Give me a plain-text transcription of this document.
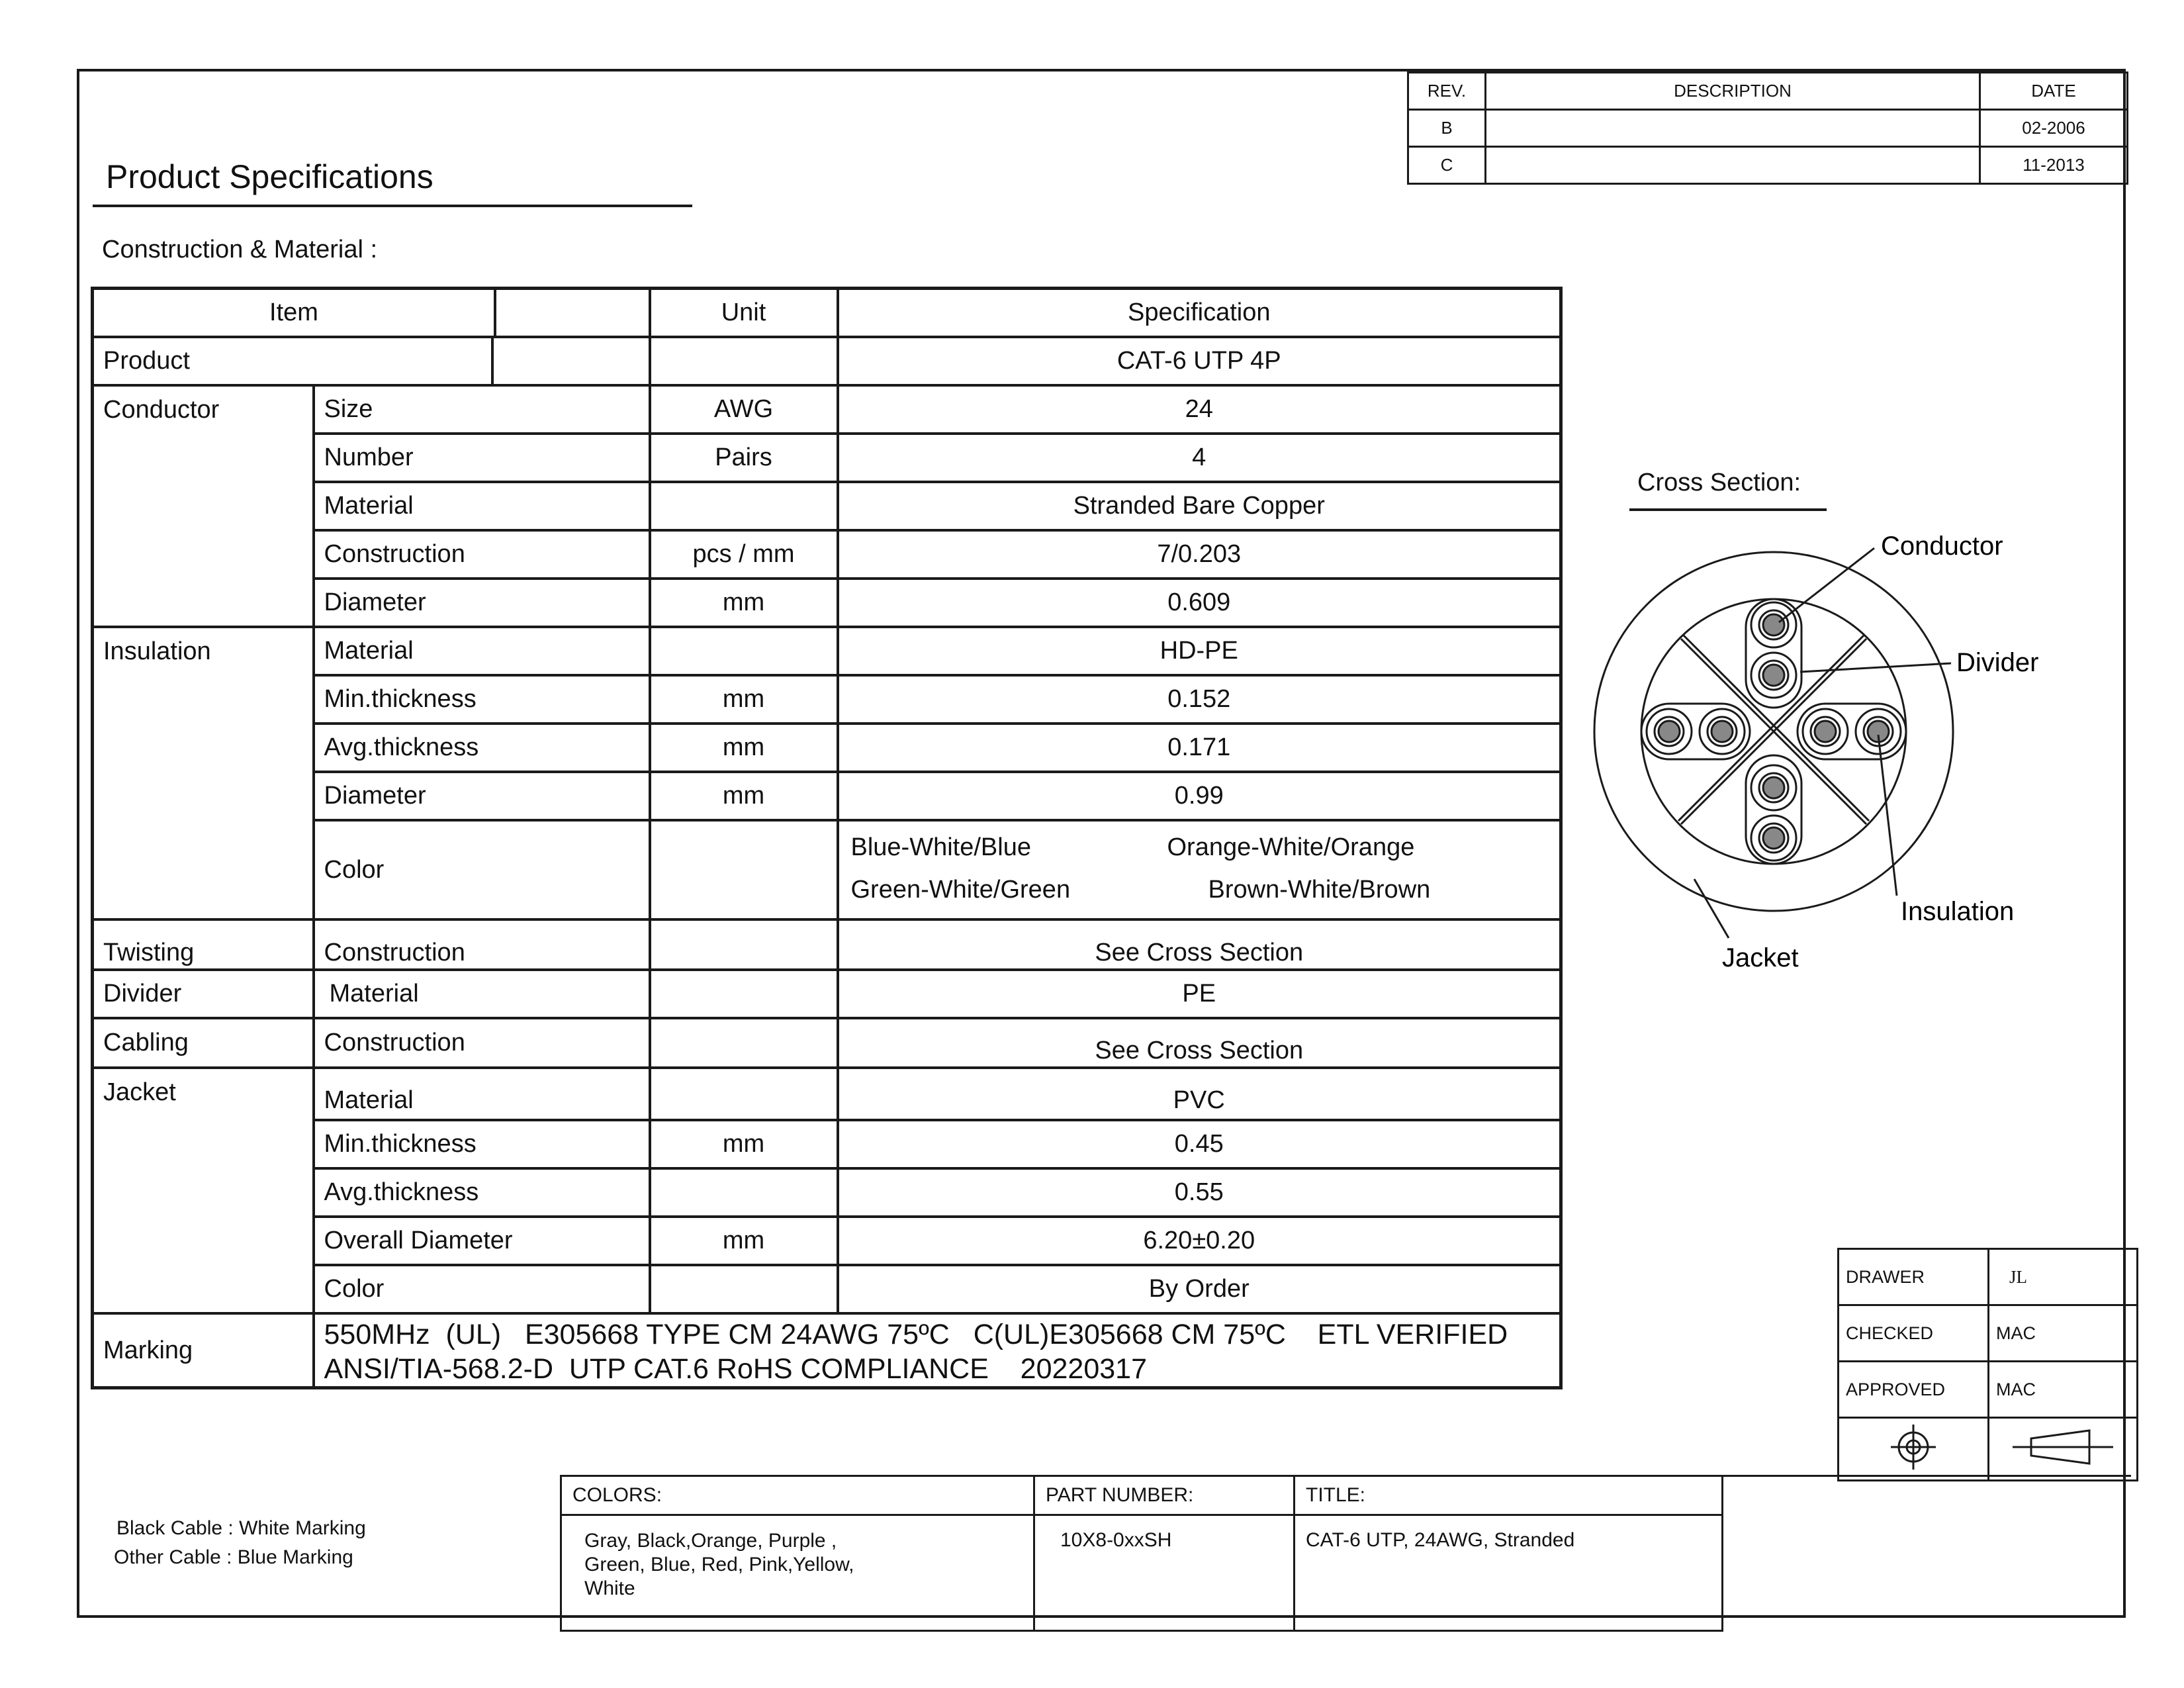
Product Specifications
Construction & Material :
REV.	DESCRIPTION	DATE
B		02-2006
C		11-2013
Item		Unit	Specification

Product			CAT-6 UTP 4P
Conductor	Size	AWG	24
	Number	Pairs	4
	Material		Stranded Bare Copper
	Construction	pcs / mm	7/0.203
	Diameter	mm	0.609
Insulation	Material		HD-PE
	Min.thickness	mm	0.152
	Avg.thickness	mm	0.171
	Diameter	mm	0.99
	Color		Blue-White/Blue Orange-White/Orange
Green-White/Green Brown-White/Brown

Twisting	Construction		See Cross Section
Divider	Material		PE
Cabling	Construction		See Cross Section
Jacket	Material		PVC
	Min.thickness	mm	0.45
	Avg.thickness		0.55
	Overall Diameter	mm	6.20±0.20
	Color		By Order
Marking	550MHz  (UL)   E305668 TYPE CM 24AWG 75ºC   C(UL)E305668 CM 75ºC    ETL VERIFIED
ANSI/TIA-568.2-D  UTP CAT.6 RoHS COMPLIANCE    20220317		
Cross Section:
Conductor
Divider
Insulation
Jacket
DRAWER	JL
CHECKED	MAC
APPROVED	MAC

Black Cable : White Marking
Other Cable : Blue Marking
COLORS:	PART NUMBER:	TITLE:	
Gray, Black,Orange, Purple ,
Green, Blue, Red, Pink,Yellow,
White	10X8-0xxSH	CAT-6 UTP, 24AWG, Stranded	
